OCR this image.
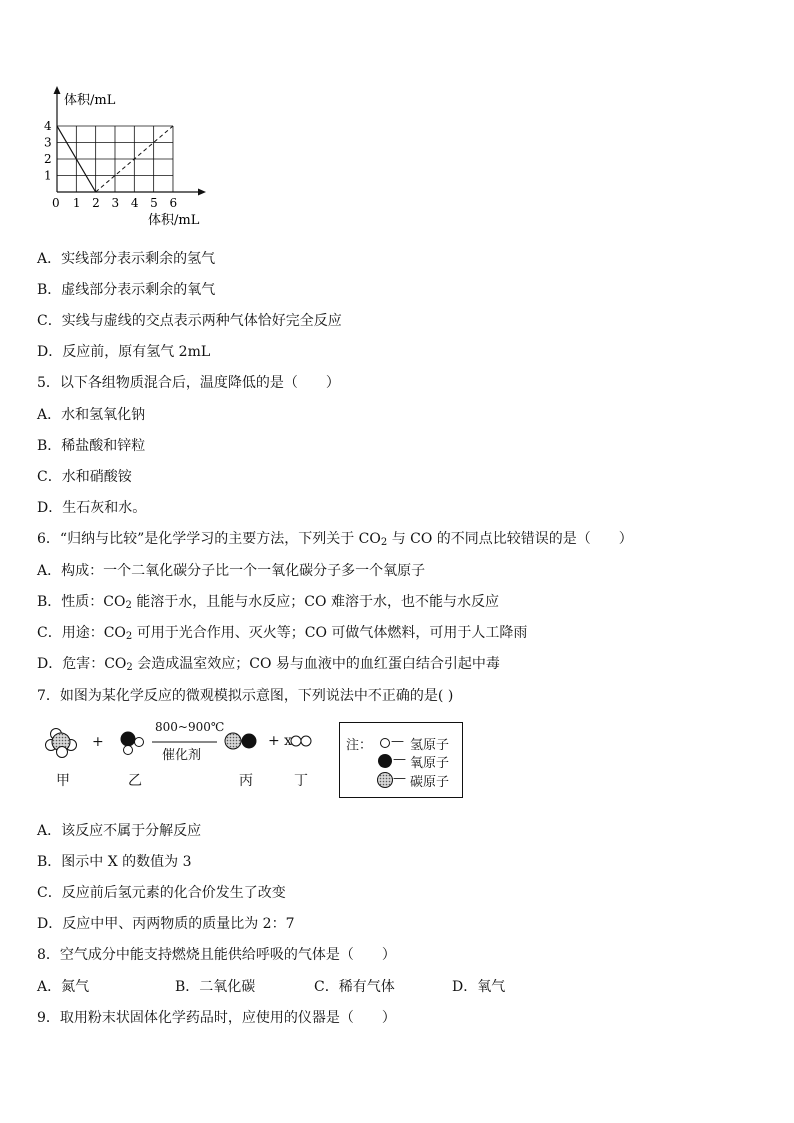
体积/mL
体积/mL
0 1 2 3 4 5 6
1
2
3
4
A．实线部分表示剩余的氢气
B．虚线部分表示剩余的氧气
C．实线与虚线的交点表示两种气体恰好完全反应
D．反应前，原有氢气 2mL
5．以下各组物质混合后，温度降低的是（　　）
A．水和氢氧化钠
B．稀盐酸和锌粒
C．水和硝酸铵
D．生石灰和水。
6．“归纳与比较”是化学学习的主要方法，下列关于 $CO_2$ 与 CO 的不同点比较错误的是（　　）
A．构成：一个二氧化碳分子比一个一氧化碳分子多一个氧原子
B．性质：$CO_2$ 能溶于水，且能与水反应；CO 难溶于水，也不能与水反应
C．用途：$CO_2$ 可用于光合作用、灭火等；CO 可做气体燃料，可用于人工降雨
D．危害：$CO_2$ 会造成温室效应；CO 易与血液中的血红蛋白结合引起中毒
7．如图为某化学反应的微观模拟示意图，下列说法中不正确的是( )
+
800~900℃
催化剂
+ x
甲	乙	丙	丁
注： — 氢原子
— 氧原子
— 碳原子
A．该反应不属于分解反应
B．图示中 X 的数值为 3
C．反应前后氢元素的化合价发生了改变
D．反应中甲、丙两物质的质量比为 2：7
8．空气成分中能支持燃烧且能供给呼吸的气体是（　　）
A．氮气	B．二氧化碳	C．稀有气体	D．氧气
9．取用粉末状固体化学药品时，应使用的仪器是（　　）
